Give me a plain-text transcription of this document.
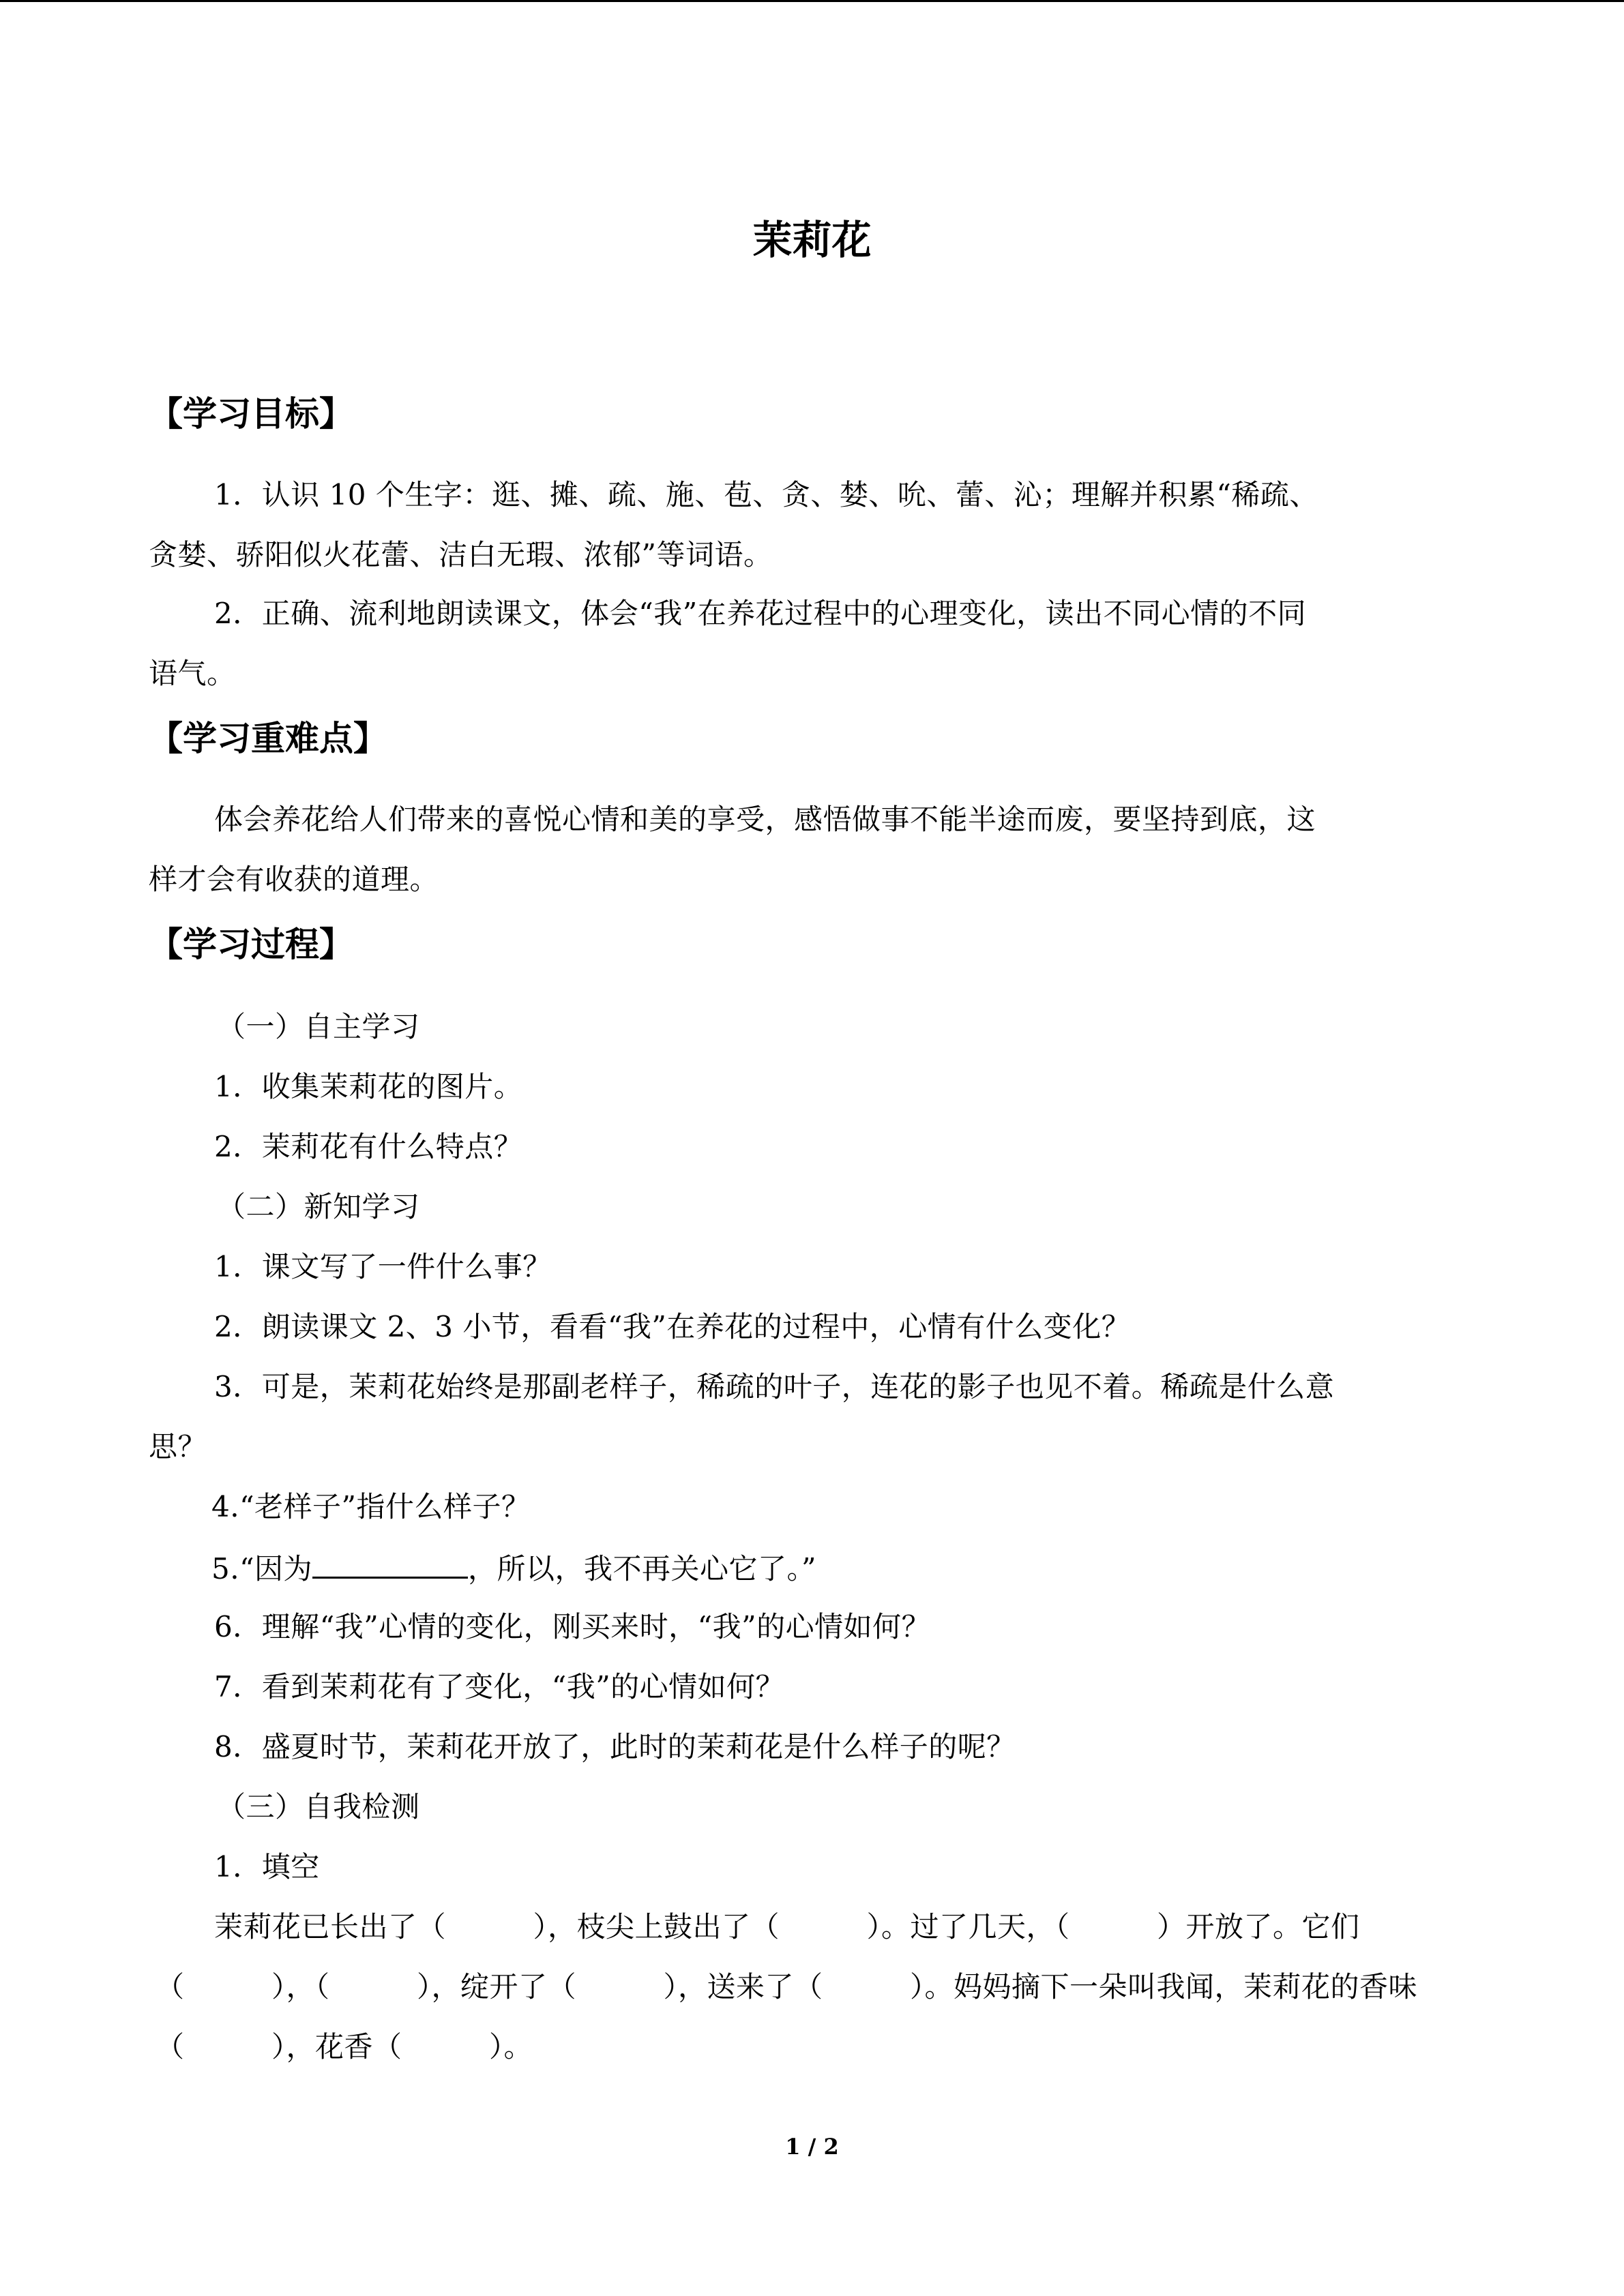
茉莉花
【学习目标】
1．认识 10 个生字：逛、摊、疏、施、苞、贪、婪、吮、蕾、沁；理解并积累“稀疏、
贪婪、骄阳似火花蕾、洁白无瑕、浓郁”等词语。
2．正确、流利地朗读课文，体会“我”在养花过程中的心理变化，读出不同心情的不同
语气。
【学习重难点】
体会养花给人们带来的喜悦心情和美的享受，感悟做事不能半途而废，要坚持到底，这
样才会有收获的道理。
【学习过程】
（一）自主学习
1．收集茉莉花的图片。
2．茉莉花有什么特点？
（二）新知学习
1．课文写了一件什么事？
2．朗读课文 2、3 小节，看看“我”在养花的过程中，心情有什么变化？
3．可是，茉莉花始终是那副老样子，稀疏的叶子，连花的影子也见不着。稀疏是什么意
思？
4.“老样子”指什么样子？
5.“因为	，所以，我不再关心它了。”
6．理解“我”心情的变化，刚买来时，“我”的心情如何？
7．看到茉莉花有了变化，“我”的心情如何？
8．盛夏时节，茉莉花开放了，此时的茉莉花是什么样子的呢？
（三）自我检测
1．填空
茉莉花已长出了（　　　），枝尖上鼓出了（　　　）。过了几天，（　　　）开放了。它们
（　　　），（　　　），绽开了（　　　），送来了（　　　）。妈妈摘下一朵叫我闻，茉莉花的香味
（　　　），花香（　　　）。
1 / 2
